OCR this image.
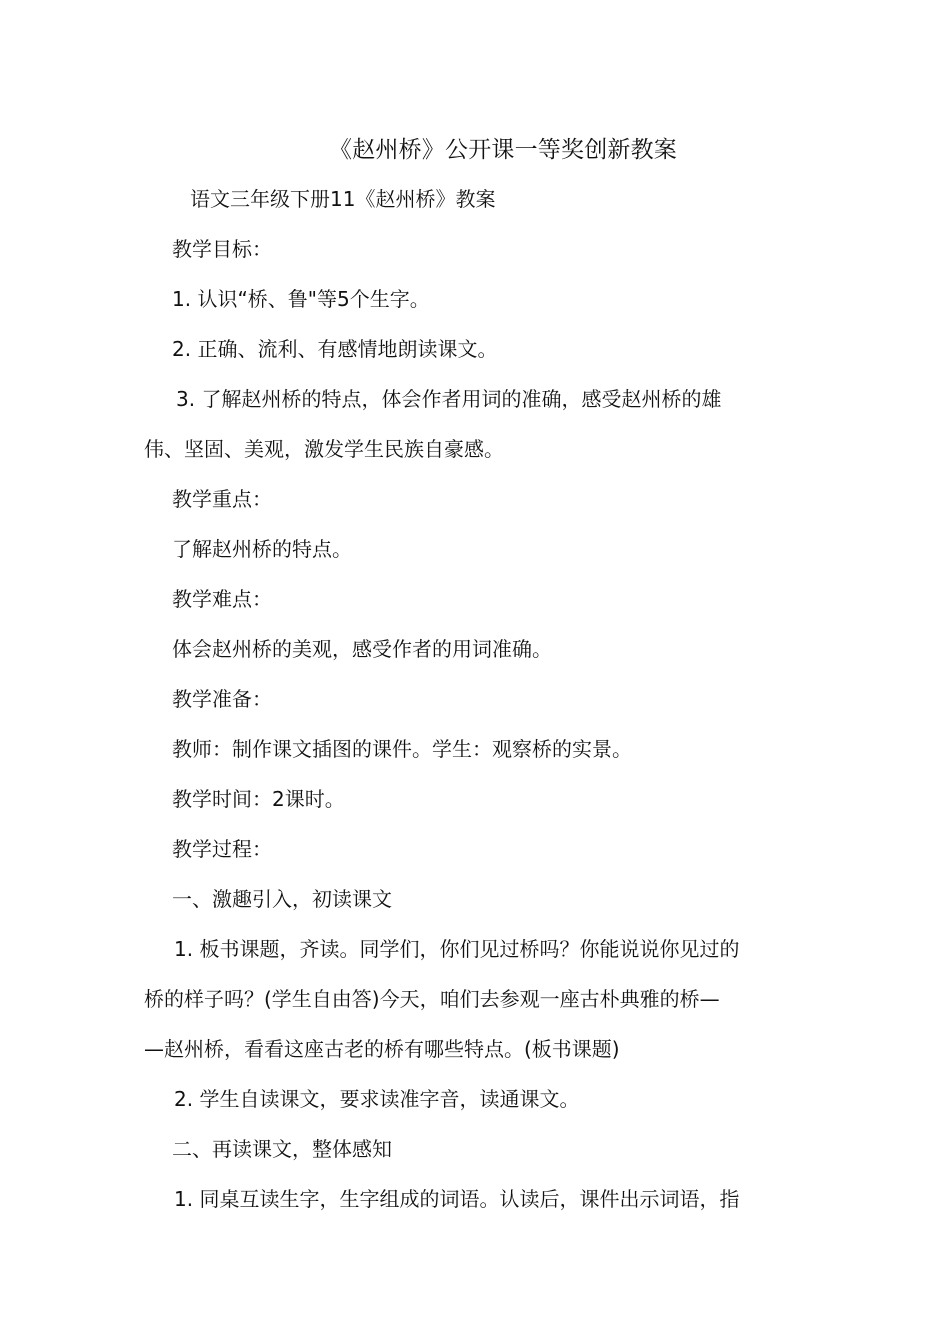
《赵州桥》公开课一等奖创新教案
语文三年级下册11《赵州桥》教案
教学目标：
1. 认识“桥、鲁"等5个生字。
2. 正确、流利、有感情地朗读课文。
3. 了解赵州桥的特点，体会作者用词的准确，感受赵州桥的雄
伟、坚固、美观，激发学生民族自豪感。
教学重点：
了解赵州桥的特点。
教学难点：
体会赵州桥的美观，感受作者的用词准确。
教学准备：
教师：制作课文插图的课件。学生：观察桥的实景。
教学时间：2课时。
教学过程：
一、激趣引入，初读课文
1. 板书课题，齐读。同学们，你们见过桥吗？你能说说你见过的
桥的样子吗？(学生自由答)今天，咱们去参观一座古朴典雅的桥—
—赵州桥，看看这座古老的桥有哪些特点。(板书课题)
2. 学生自读课文，要求读准字音，读通课文。
二、再读课文，整体感知
1. 同桌互读生字，生字组成的词语。认读后，课件出示词语，指
